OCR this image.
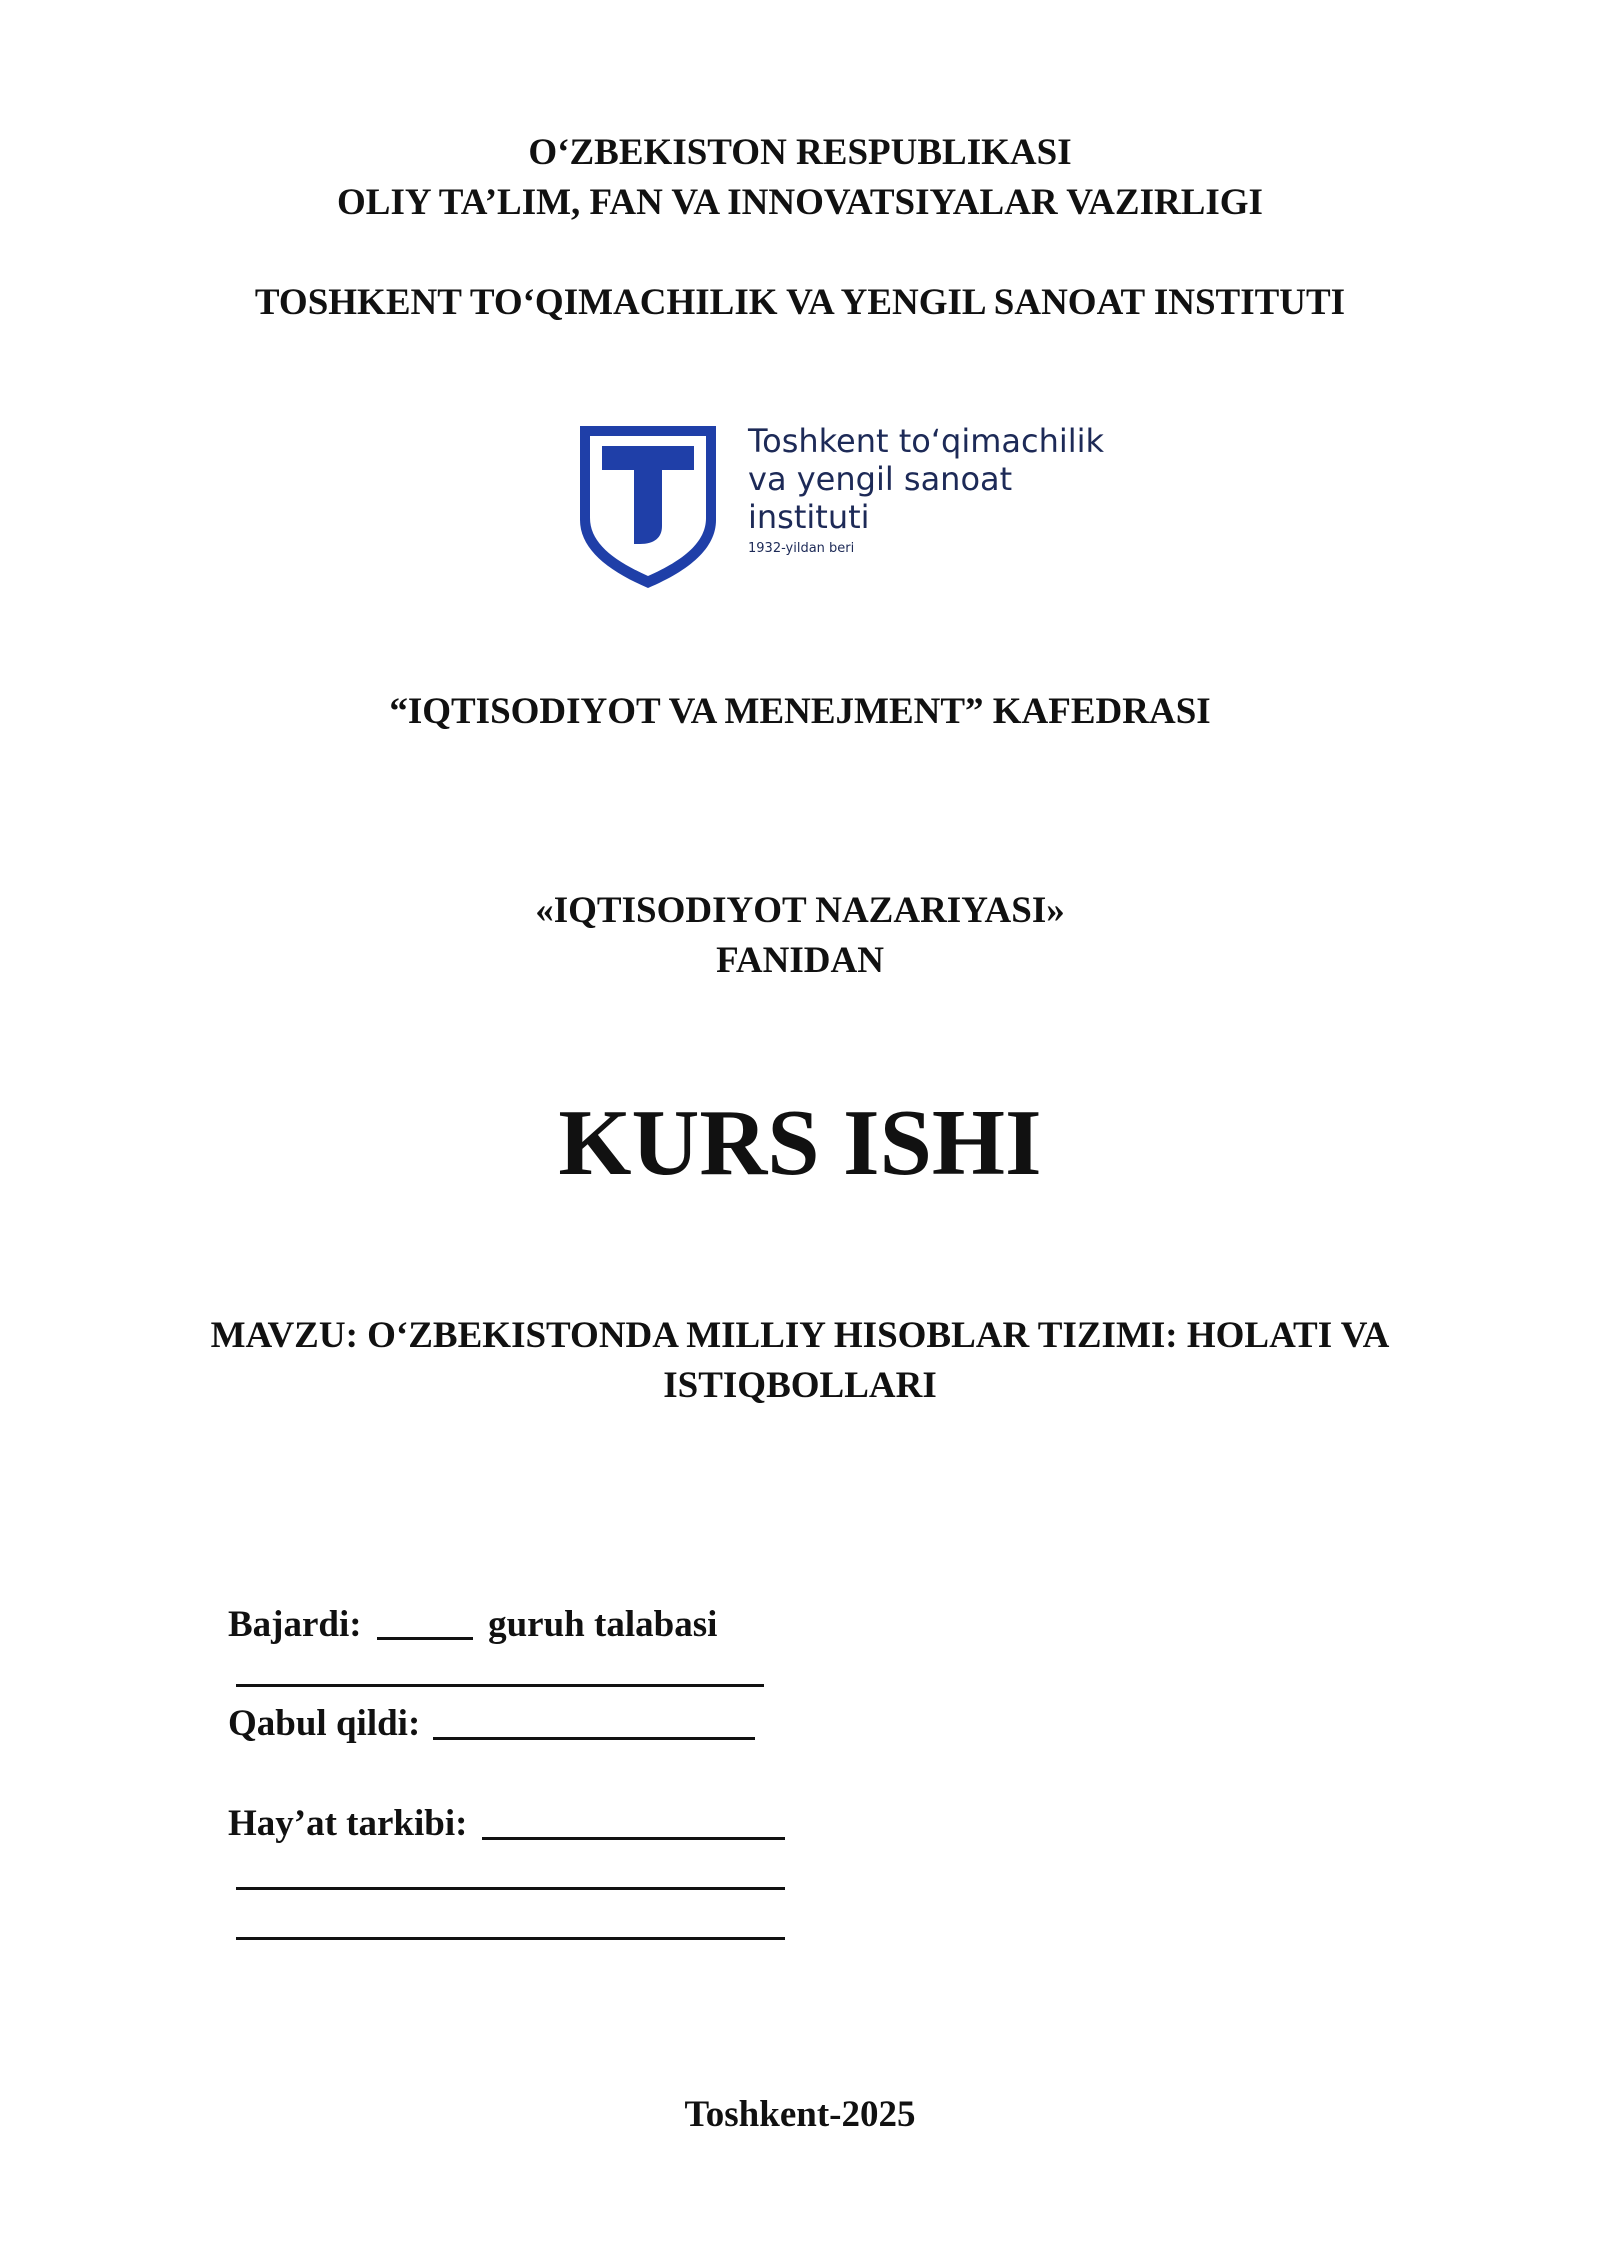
O‘ZBEKISTON RESPUBLIKASI
OLIY TA’LIM, FAN VA INNOVATSIYALAR VAZIRLIGI
TOSHKENT TO‘QIMACHILIK VA YENGIL SANOAT INSTITUTI
Toshkent to‘qimachilik
va yengil sanoat
instituti
1932-yildan beri
“IQTISODIYOT VA MENEJMENT” KAFEDRASI
«IQTISODIYOT NAZARIYASI»
FANIDAN
KURS ISHI
MAVZU: O‘ZBEKISTONDA MILLIY HISOBLAR TIZIMI: HOLATI VA
ISTIQBOLLARI
Bajardi:	guruh talabasi
Qabul qildi:
Hay’at tarkibi:
Toshkent-2025
